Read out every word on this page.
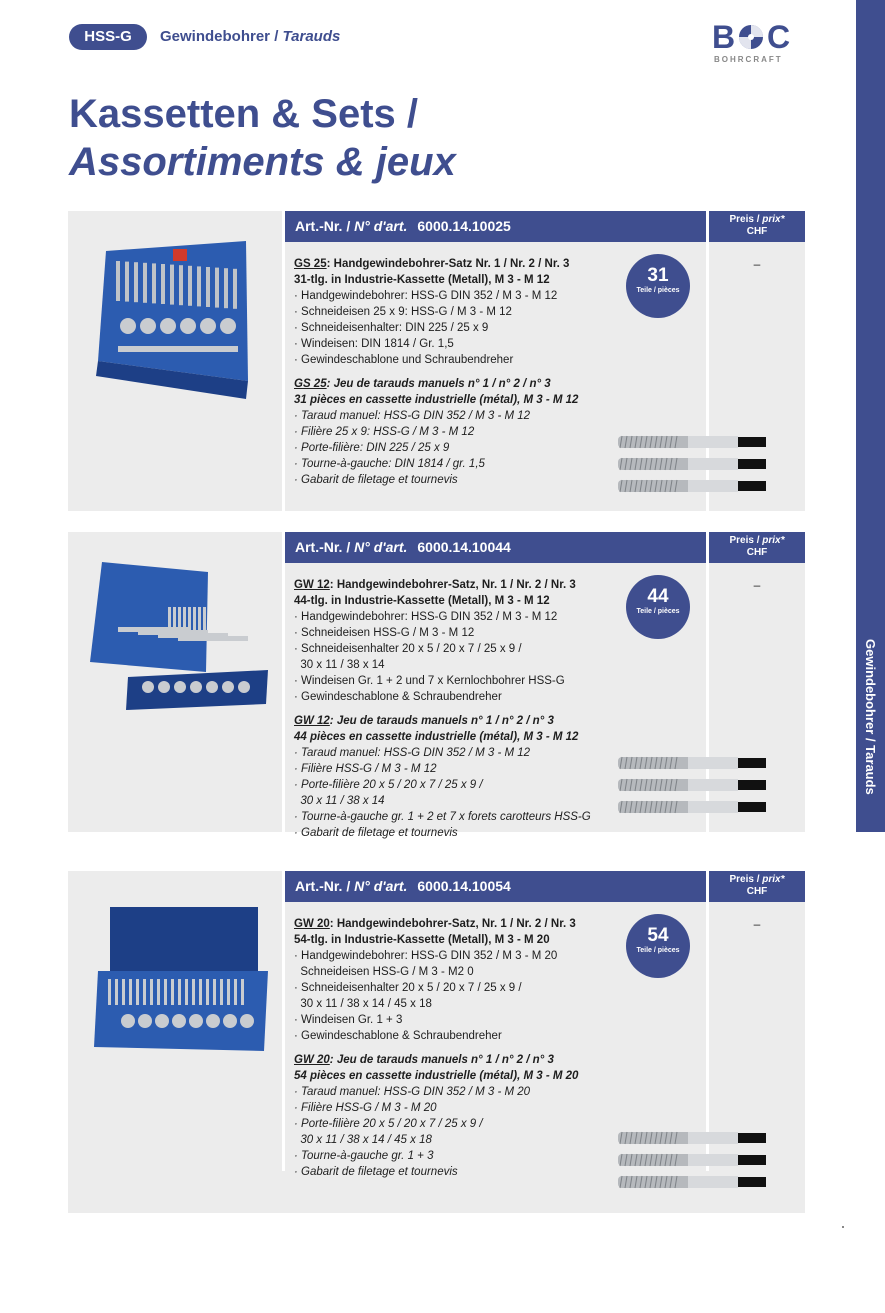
HSS-G	Gewindebohrer / Tarauds	B C
BOHRCRAFT
Kassetten & Sets /
Assortiments & jeux
Gewindebohrer / Tarauds
Art.-Nr. / N° d'art. 6000.14.10025	Preis / prix*
CHF
–
31
Teile / pièces
GS 25: Handgewindebohrer-Satz Nr. 1 / Nr. 2 / Nr. 3
31-tlg. in Industrie-Kassette (Metall), M 3 - M 12
· Handgewindebohrer: HSS-G DIN 352 / M 3 - M 12
· Schneideisen 25 x 9: HSS-G / M 3 - M 12
· Schneideisenhalter: DIN 225 / 25 x 9
· Windeisen: DIN 1814 / Gr. 1,5
· Gewindeschablone und Schraubendreher
GS 25: Jeu de tarauds manuels n° 1 / n° 2 / n° 3
31 pièces en cassette industrielle (métal), M 3 - M 12
· Taraud manuel: HSS-G DIN 352 / M 3 - M 12
· Filière 25 x 9: HSS-G / M 3 - M 12
· Porte-filière: DIN 225 / 25 x 9
· Tourne-à-gauche: DIN 1814 / gr. 1,5
· Gabarit de filetage et tournevis
Art.-Nr. / N° d'art. 6000.14.10044	Preis / prix*
CHF
–
44
Teile / pièces
GW 12: Handgewindebohrer-Satz, Nr. 1 / Nr. 2 / Nr. 3
44-tlg. in Industrie-Kassette (Metall), M 3 - M 12
· Handgewindebohrer: HSS-G DIN 352 / M 3 - M 12
· Schneideisen HSS-G / M 3 - M 12
· Schneideisenhalter 20 x 5 / 20 x 7 / 25 x 9 /
30 x 11 / 38 x 14
· Windeisen Gr. 1 + 2 und 7 x Kernlochbohrer HSS-G
· Gewindeschablone & Schraubendreher
GW 12: Jeu de tarauds manuels n° 1 / n° 2 / n° 3
44 pièces en cassette industrielle (métal), M 3 - M 12
· Taraud manuel: HSS-G DIN 352 / M 3 - M 12
· Filière HSS-G / M 3 - M 12
· Porte-filière 20 x 5 / 20 x 7 / 25 x 9 /
30 x 11 / 38 x 14
· Tourne-à-gauche gr. 1 + 2 et 7 x forets carotteurs HSS-G
· Gabarit de filetage et tournevis
Art.-Nr. / N° d'art. 6000.14.10054	Preis / prix*
CHF
–
54
Teile / pièces
GW 20: Handgewindebohrer-Satz, Nr. 1 / Nr. 2 / Nr. 3
54-tlg. in Industrie-Kassette (Metall), M 3 - M 20
· Handgewindebohrer: HSS-G DIN 352 / M 3 - M 20
Schneideisen HSS-G / M 3 - M2 0
· Schneideisenhalter 20 x 5 / 20 x 7 / 25 x 9 /
30 x 11 / 38 x 14 / 45 x 18
· Windeisen Gr. 1 + 3
· Gewindeschablone & Schraubendreher
GW 20: Jeu de tarauds manuels n° 1 / n° 2 / n° 3
54 pièces en cassette industrielle (métal), M 3 - M 20
· Taraud manuel: HSS-G DIN 352 / M 3 - M 20
· Filière HSS-G / M 3 - M 20
· Porte-filière 20 x 5 / 20 x 7 / 25 x 9 /
30 x 11 / 38 x 14 / 45 x 18
· Tourne-à-gauche gr. 1 + 3
· Gabarit de filetage et tournevis
